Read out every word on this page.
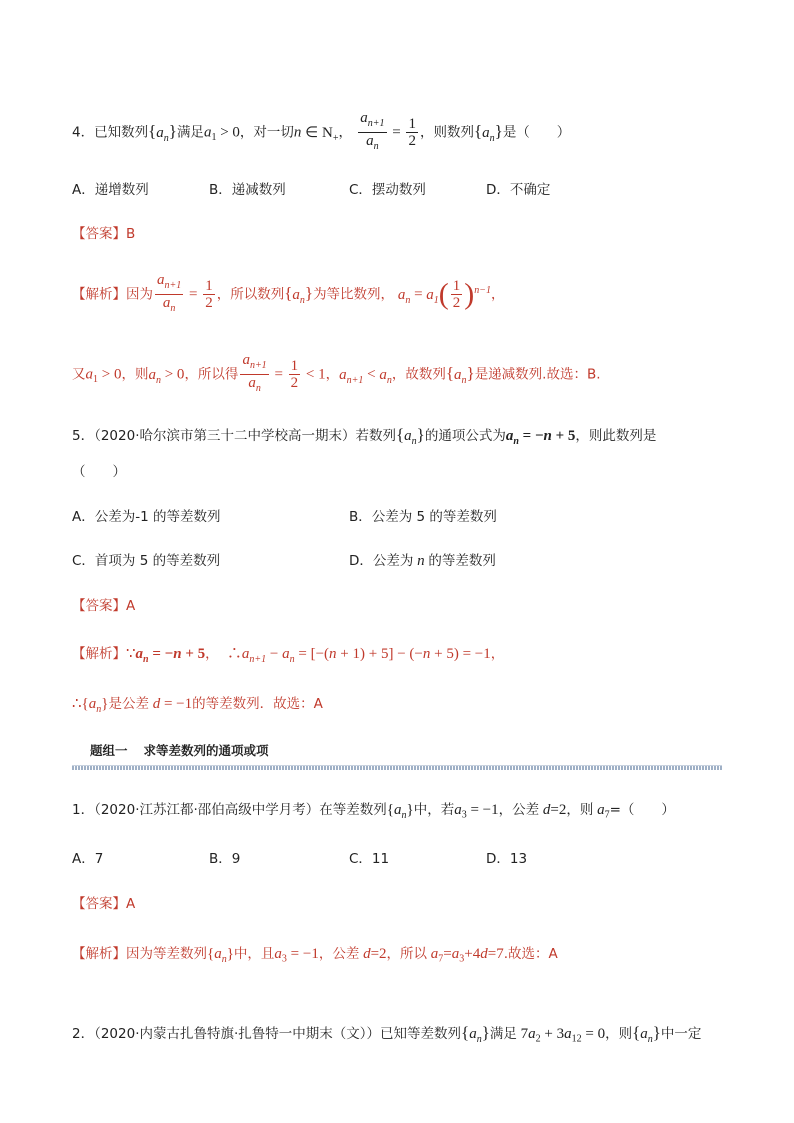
4．已知数列$\{a_n\}$满足$a_1 > 0$，对一切n ∈ $N_+$， $\frac{a_{n+1}}{a_n} = \frac{1}{2}$ ，则数列$\{a_n\}$是（　　）
A．递增数列	B．递减数列	C．摆动数列	D．不确定
【答案】B
【解析】因为 $\frac{a_{n+1}}{a_n} = \frac{1}{2}$ ，所以数列$\{a_n\}$为等比数列， $a_n = a_1( \frac{1}{2} )^{n-1}$，
又$a_1 > 0$，则$a_n > 0$，所以得 $\frac{a_{n+1}}{a_n} = \frac{1}{2} < 1$，$a_{n+1} < a_n$，故数列$\{a_n\}$是递减数列.故选：B.
5．（2020·哈尔滨市第三十二中学校高一期末）若数列$\{a_n\}$的通项公式为$a_n = -n + 5$，则此数列是
（　　）
A．公差为-1 的等差数列	B．公差为 5 的等差数列
C．首项为 5 的等差数列	D．公差为 n 的等差数列
【答案】A
【解析】$\because a_n = -n + 5$，　$\therefore a_{n+1} - a_n = [-(n + 1) + 5] - (-n + 5) = -1$，
$\therefore\{a_n\}$是公差 d = −1的等差数列．故选：A
题组一 求等差数列的通项或项
1．（2020·江苏江都·邵伯高级中学月考）在等差数列$\{a_n\}$中，若$a_3 = -1$，公差 d=2，则 $a_7=$（　　）
A．7	B．9	C．11	D．13
【答案】A
【解析】因为等差数列$\{a_n\}$中，且$a_3 = -1$，公差 d=2，所以 $a_7=a_3+4d=7$.故选：A
2．（2020·内蒙古扎鲁特旗·扎鲁特一中期末（文））已知等差数列$\{a_n\}$满足 $7a_2 + 3a_{12} = 0$，则$\{a_n\}$中一定
